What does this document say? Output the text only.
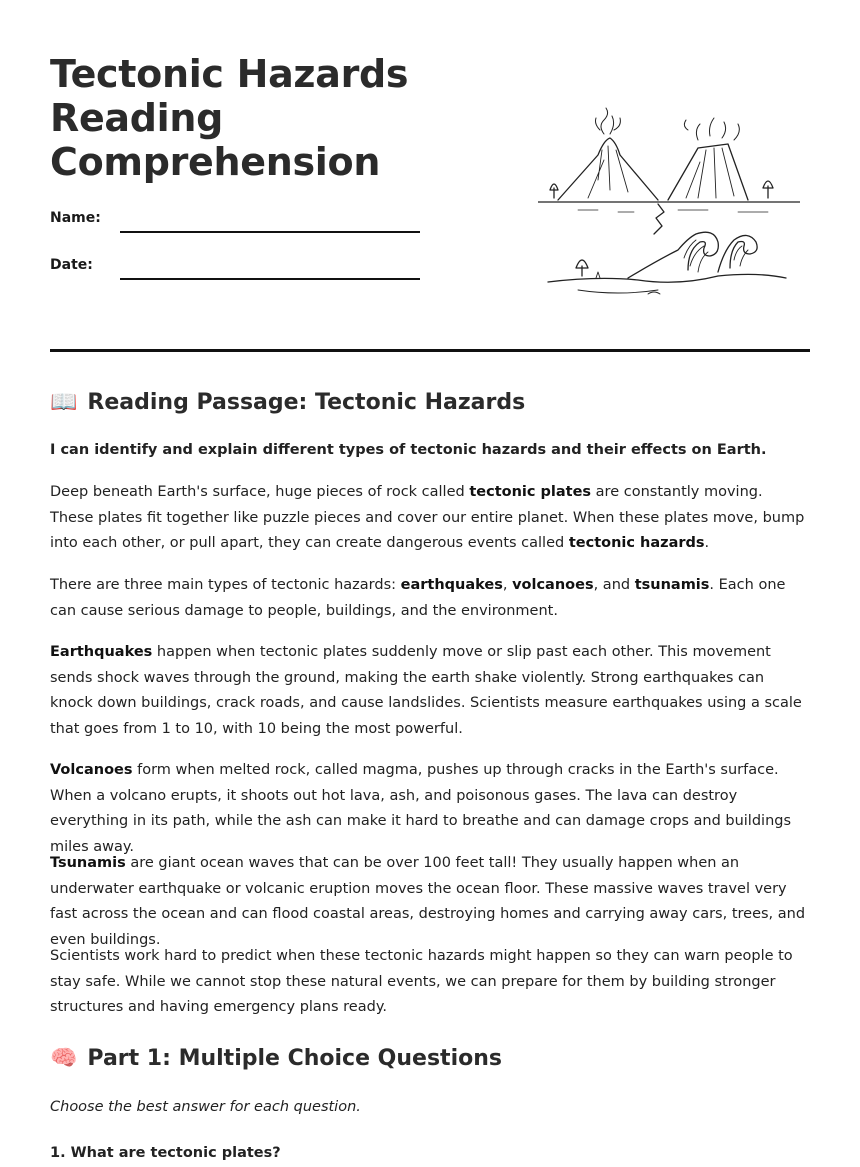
Tectonic Hazards Reading Comprehension
Name:
Date:
📖 Reading Passage: Tectonic Hazards

I can identify and explain different types of tectonic hazards and their effects on Earth.

Deep beneath Earth's surface, huge pieces of rock called tectonic plates are constantly moving. These plates fit together like puzzle pieces and cover our entire planet. When these plates move, bump into each other, or pull apart, they can create dangerous events called tectonic hazards.

There are three main types of tectonic hazards: earthquakes, volcanoes, and tsunamis. Each one can cause serious damage to people, buildings, and the environment.

Earthquakes happen when tectonic plates suddenly move or slip past each other. This movement sends shock waves through the ground, making the earth shake violently. Strong earthquakes can knock down buildings, crack roads, and cause landslides. Scientists measure earthquakes using a scale that goes from 1 to 10, with 10 being the most powerful.

Volcanoes form when melted rock, called magma, pushes up through cracks in the Earth's surface. When a volcano erupts, it shoots out hot lava, ash, and poisonous gases. The lava can destroy everything in its path, while the ash can make it hard to breathe and can damage crops and buildings miles away.

Tsunamis are giant ocean waves that can be over 100 feet tall! They usually happen when an underwater earthquake or volcanic eruption moves the ocean floor. These massive waves travel very fast across the ocean and can flood coastal areas, destroying homes and carrying away cars, trees, and even buildings.

Scientists work hard to predict when these tectonic hazards might happen so they can warn people to stay safe. While we cannot stop these natural events, we can prepare for them by building stronger structures and having emergency plans ready.

🧠 Part 1: Multiple Choice Questions

Choose the best answer for each question.

1. What are tectonic plates?
